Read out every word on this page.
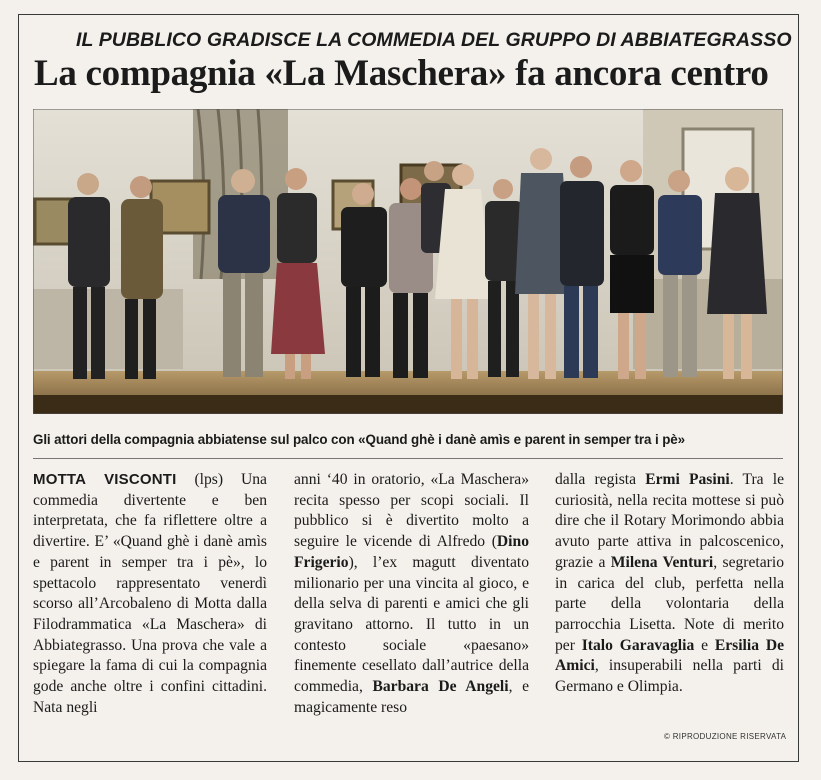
IL PUBBLICO GRADISCE LA COMMEDIA DEL GRUPPO DI ABBIATEGRASSO
La compagnia «La Maschera» fa ancora centro
Gli attori della compagnia abbiatense sul palco con «Quand ghè i danè amìs e parent in semper tra i pè»

MOTTA VISCONTI (lps) Una commedia divertente e ben interpretata, che fa riflettere oltre a divertire. E’ «Quand ghè i danè amìs e parent in semper tra i pè», lo spettacolo rappresentato venerdì scorso all’Arcobaleno di Motta dalla Filodrammatica «La Maschera» di Abbiategrasso. Una prova che vale a spiegare la fama di cui la compagnia gode anche oltre i confini cittadini. Nata negli

anni ‘40 in oratorio, «La Maschera» recita spesso per scopi sociali. Il pubblico si è divertito molto a seguire le vicende di Alfredo (Dino Frigerio), l’ex magutt diventato milionario per una vincita al gioco, e della selva di parenti e amici che gli gravitano attorno. Il tutto in un contesto sociale «paesano» finemente cesellato dall’autrice della commedia, Barbara De Angeli, e magicamente reso

dalla regista Ermi Pasini. Tra le curiosità, nella recita mottese si può dire che il Rotary Morimondo abbia avuto parte attiva in palcoscenico, grazie a Milena Venturi, segretario in carica del club, perfetta nella parte della volontaria della parrocchia Lisetta. Note di merito per Italo Garavaglia e Ersilia De Amici, insuperabili nella parti di Germano e Olimpia.

© RIPRODUZIONE RISERVATA
